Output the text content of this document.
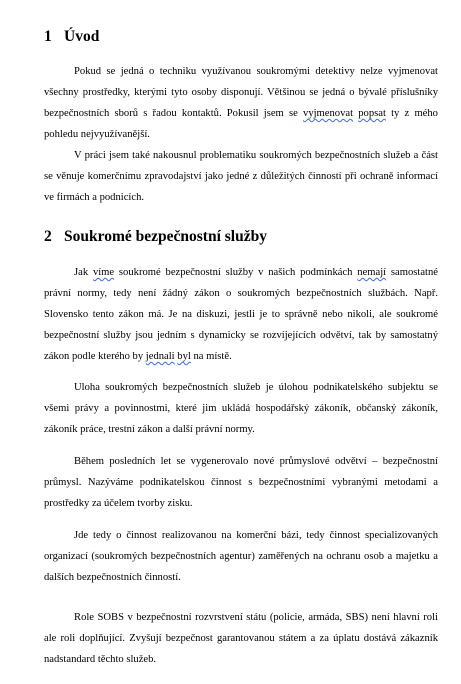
1 Úvod

Pokud se jedná o techniku využívanou soukromými detektivy nelze vyjmenovat všechny prostředky, kterými tyto osoby disponují. Většinou se jedná o bývalé příslušníky bezpečnostních sborů s řadou kontaktů. Pokusil jsem se vyjmenovat popsat ty z mého pohledu nejvyužívanější.

V práci jsem také nakousnul problematiku soukromých bezpečnostních služeb a část se věnuje komerčnímu zpravodajství jako jedné z důležitých činností při ochraně informací ve firmách a podnicích.

2 Soukromé bezpečnostní služby

Jak víme soukromé bezpečnostní služby v našich podmínkách nemají samostatné právní normy, tedy není žádný zákon o soukromých bezpečnostních službách. Např. Slovensko tento zákon má. Je na diskuzi, jestli je to správně nebo nikoli, ale soukromé bezpečnostní služby jsou jedním s dynamicky se rozvíjejících odvětví, tak by samostatný zákon podle kterého by jednali byl na místě.

Uloha soukromých bezpečnostních služeb je úlohou podnikatelského subjektu se všemi právy a povinnostmi, které jim ukládá hospodářský zákoník, občanský zákoník, zákoník práce, trestní zákon a další právní normy.

Během posledních let se vygenerovalo nové průmyslové odvětví – bezpečnostní průmysl. Nazýváme podnikatelskou činnost s bezpečnostními vybranými metodami a prostředky za účelem tvorby zisku.

Jde tedy o činnost realizovanou na komerční bázi, tedy činnost specializovaných organizací (soukromých bezpečnostních agentur) zaměřených na ochranu osob a majetku a dalších bezpečnostních činností.

Role SOBS v bezpečnostní rozvrstvení státu (policie, armáda, SBS) není hlavní roli ale roli doplňující. Zvyšují bezpečnost garantovanou státem a za úplatu dostává zákazník nadstandard těchto služeb.
